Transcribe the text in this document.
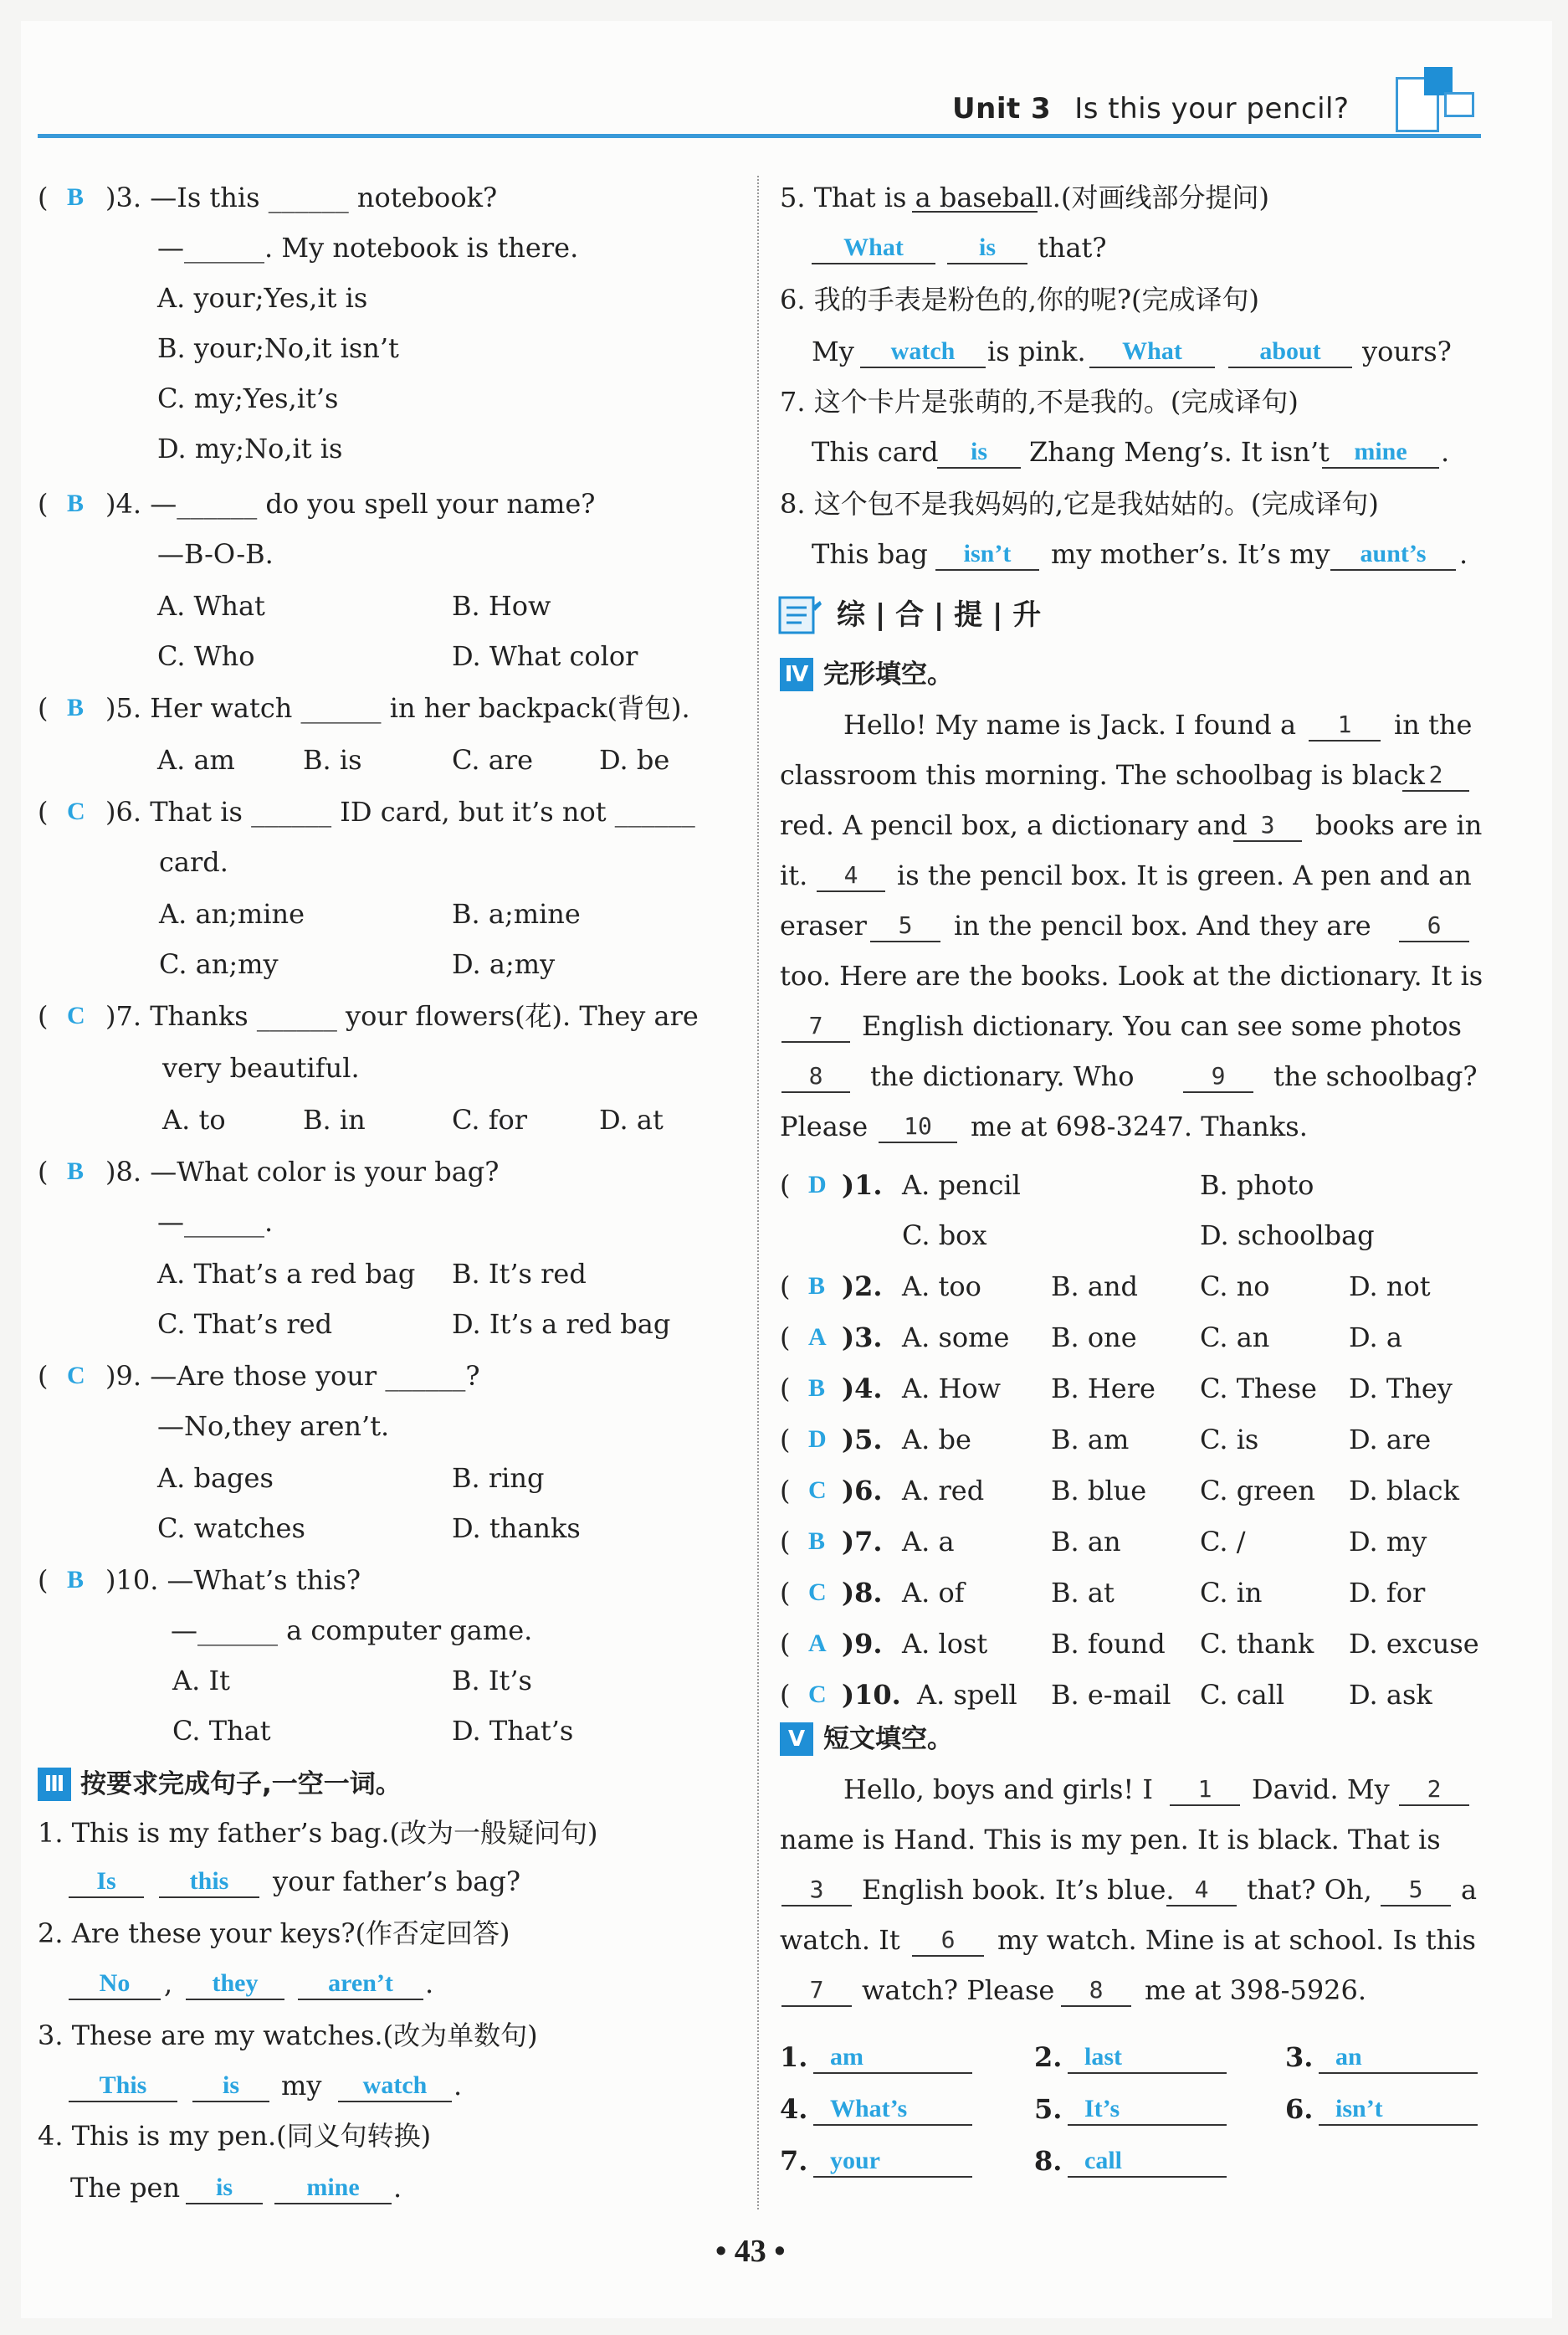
Unit 3 Is this your pencil?
( B )3. —Is this ______ notebook?
—______. My notebook is there.
A. your;Yes,it is
B. your;No,it isn’t
C. my;Yes,it’s
D. my;No,it is
( B )4. —______ do you spell your name?
—B-O-B.
A. What	B. How
C. Who	D. What color
( B )5. Her watch ______ in her backpack(背包).
A. am	B. is	C. are D. be
( C )6. That is ______ ID card, but it’s not ______
card.
A. an;mine	B. a;mine
C. an;my	D. a;my
( C )7. Thanks ______ your flowers(花). They are
very beautiful.
A. to	B. in	C. for	D. at
( B )8. —What color is your bag?
—______.
A. That’s a red bag B. It’s red
C. That’s red	D. It’s a red bag
( C )9. —Are those your ______?
—No,they aren’t.
A. bages	B. ring
C. watches	D. thanks
( B )10. —What’s this?
—______ a computer game.
A. It	B. It’s
C. That	D. That’s
Ⅲ 按要求完成句子,一空一词。
1. This is my father’s bag.(改为一般疑问句)
Is	this	your father’s bag?
2. Are these your keys?(作否定回答)
No	,	they	aren’t	.
3. These are my watches.(改为单数句)
This	is	my	watch .
4. This is my pen.(同义句转换)
The pen	is	mine	.
5. That is a baseball.(对画线部分提问)
What	is	that?
6. 我的手表是粉色的,你的呢?(完成译句)
My	watch	is pink.	What	about	yours?
7. 这个卡片是张萌的,不是我的。(完成译句)
This card	is	Zhang Meng’s. It isn’t mine	.
8. 这个包不是我妈妈的,它是我姑姑的。(完成译句)
This bag	isn’t	my mother’s. It’s my	aunt’s	.
综 | 合 | 提 | 升
Ⅳ 完形填空。
Hello! My name is Jack. I found a	1	in the
classroom this morning. The schoolbag is black 2
red. A pencil box, a dictionary and 3	books are in
it.	4	is the pencil box. It is green. A pen and an
eraser	5	in the pencil box. And they are	6
too. Here are the books. Look at the dictionary. It is
7	English dictionary. You can see some photos
8	the dictionary. Who	9	the schoolbag?
Please	10	me at 698-3247. Thanks.
( D )1. A. pencil	B. photo
C. box	D. schoolbag
( B )2. A. too	B. and C. no	D. not
( A )3. A. some B. one C. an	D. a
( B )4. A. How B. Here C. These D. They
( D )5. A. be	B. am	C. is	D. are
( C )6. A. red B. blue C. green D. black
( B )7. A. a	B. an	C. /	D. my
( C )8. A. of	B. at	C. in	D. for
( A )9. A. lost B. found C. thank D. excuse
( C )10. A. spell B. e-mail C. call D. ask
Ⅴ 短文填空。
Hello, boys and girls! I	1	David. My	2
name is Hand. This is my pen. It is black. That is
3	English book. It’s blue. 4	that? Oh,	5	a
watch. It	6	my watch. Mine is at school. Is this
7	watch? Please	8	me at 398-5926.
1. am	2. last	3. an
4. What’s	5. It’s	6. isn’t
7. your	8. call
• 43 •
